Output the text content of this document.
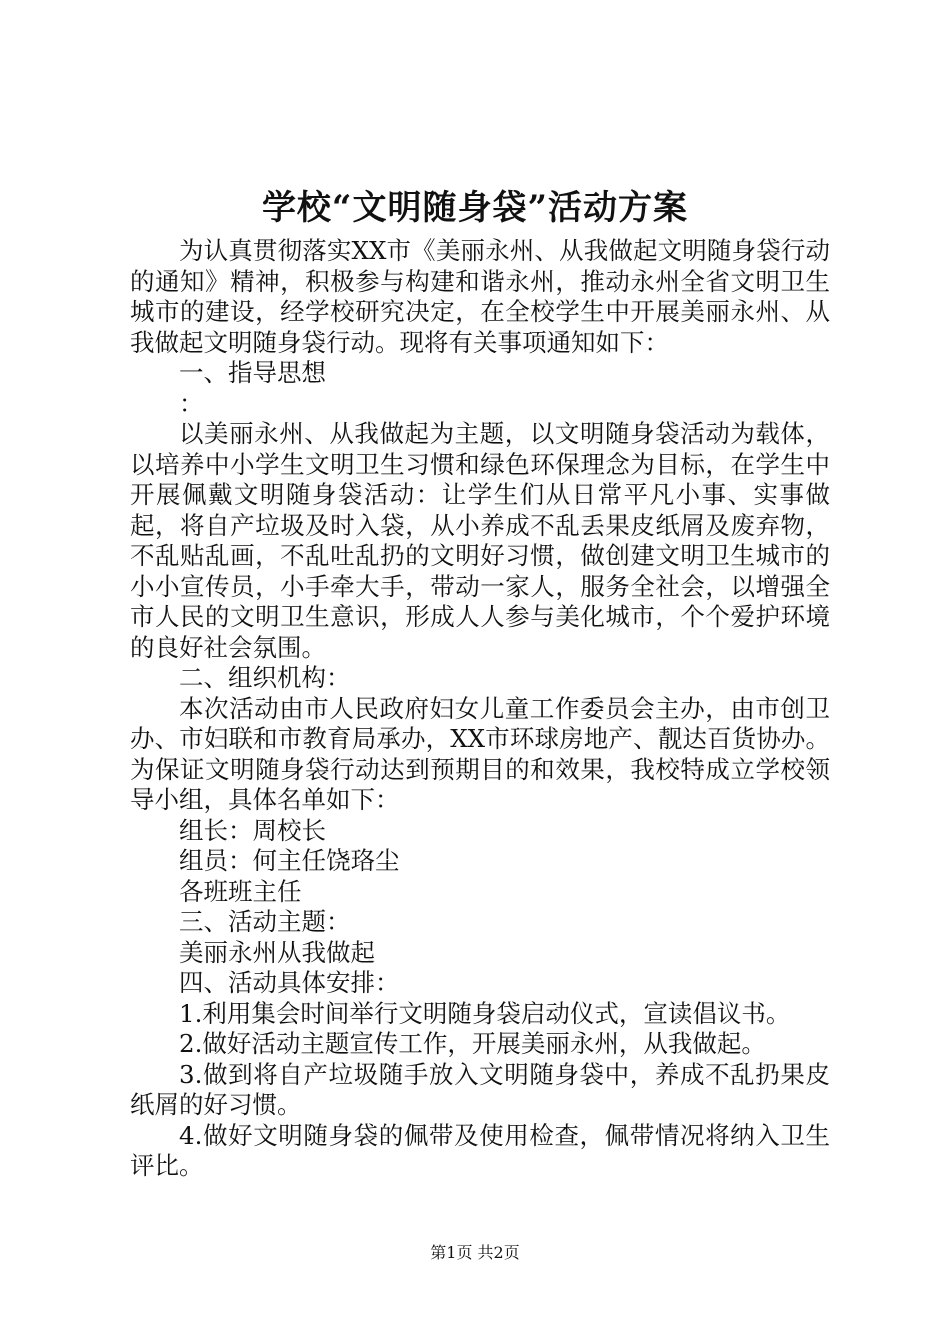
学校“文明随身袋”活动方案

为认真贯彻落实XX市《美丽永州、从我做起文明随身袋行动的通知》精神，积极参与构建和谐永州，推动永州全省文明卫生城市的建设，经学校研究决定，在全校学生中开展美丽永州、从我做起文明随身袋行动。现将有关事项通知如下：

一、指导思想

：

以美丽永州、从我做起为主题，以文明随身袋活动为载体，以培养中小学生文明卫生习惯和绿色环保理念为目标，在学生中开展佩戴文明随身袋活动：让学生们从日常平凡小事、实事做起，将自产垃圾及时入袋，从小养成不乱丢果皮纸屑及废弃物，不乱贴乱画，不乱吐乱扔的文明好习惯，做创建文明卫生城市的小小宣传员，小手牵大手，带动一家人，服务全社会，以增强全市人民的文明卫生意识，形成人人参与美化城市，个个爱护环境的良好社会氛围。

二、组织机构：

本次活动由市人民政府妇女儿童工作委员会主办，由市创卫办、市妇联和市教育局承办，XX市环球房地产、靓达百货协办。为保证文明随身袋行动达到预期目的和效果，我校特成立学校领导小组，具体名单如下：

组长：周校长

组员：何主任饶珞尘

各班班主任

三、活动主题：

美丽永州从我做起

四、活动具体安排：

1.利用集会时间举行文明随身袋启动仪式，宣读倡议书。

2.做好活动主题宣传工作，开展美丽永州，从我做起。

3.做到将自产垃圾随手放入文明随身袋中，养成不乱扔果皮纸屑的好习惯。

4.做好文明随身袋的佩带及使用检查，佩带情况将纳入卫生评比。

第1页 共2页
